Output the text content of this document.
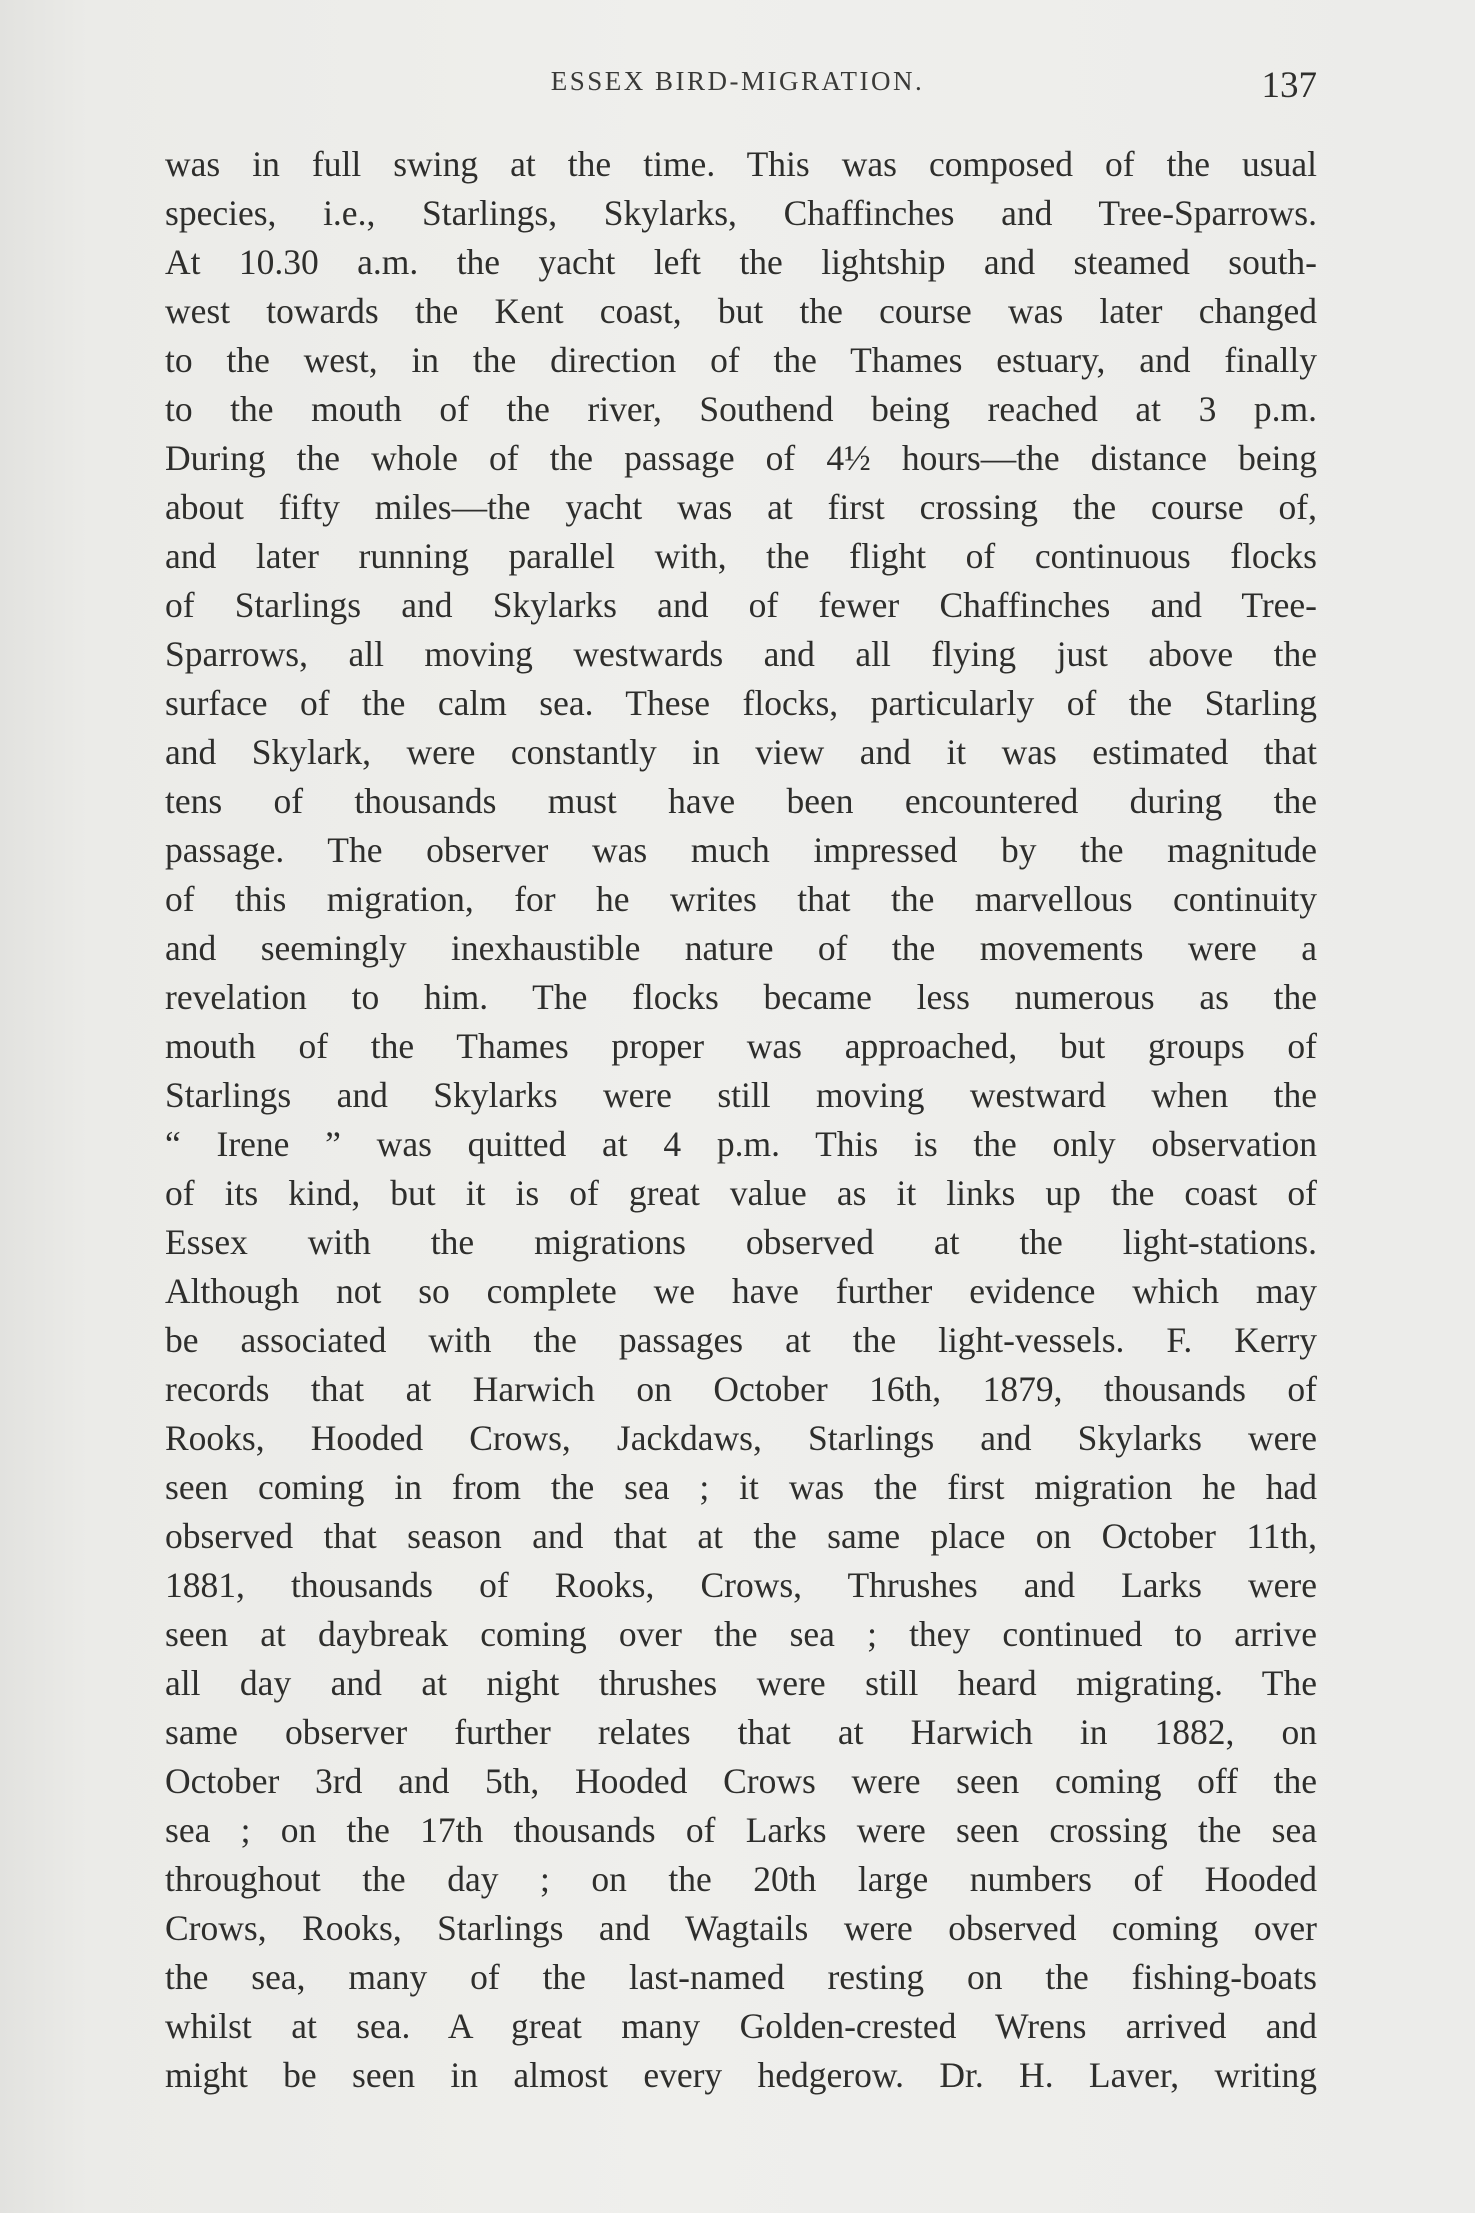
ESSEX BIRD-MIGRATION.	137
was in full swing at the time. This was composed of the usual
species, i.e., Starlings, Skylarks, Chaffinches and Tree-Sparrows.
At 10.30 a.m. the yacht left the lightship and steamed south-
west towards the Kent coast, but the course was later changed
to the west, in the direction of the Thames estuary, and finally
to the mouth of the river, Southend being reached at 3 p.m.
During the whole of the passage of 4½ hours—the distance being
about fifty miles—the yacht was at first crossing the course of,
and later running parallel with, the flight of continuous flocks
of Starlings and Skylarks and of fewer Chaffinches and Tree-
Sparrows, all moving westwards and all flying just above the
surface of the calm sea. These flocks, particularly of the Starling
and Skylark, were constantly in view and it was estimated that
tens of thousands must have been encountered during the
passage. The observer was much impressed by the magnitude
of this migration, for he writes that the marvellous continuity
and seemingly inexhaustible nature of the movements were a
revelation to him. The flocks became less numerous as the
mouth of the Thames proper was approached, but groups of
Starlings and Skylarks were still moving westward when the
“ Irene ” was quitted at 4 p.m. This is the only observation
of its kind, but it is of great value as it links up the coast of
Essex with the migrations observed at the light-stations.
Although not so complete we have further evidence which may
be associated with the passages at the light-vessels. F. Kerry
records that at Harwich on October 16th, 1879, thousands of
Rooks, Hooded Crows, Jackdaws, Starlings and Skylarks were
seen coming in from the sea ; it was the first migration he had
observed that season and that at the same place on October 11th,
1881, thousands of Rooks, Crows, Thrushes and Larks were
seen at daybreak coming over the sea ; they continued to arrive
all day and at night thrushes were still heard migrating. The
same observer further relates that at Harwich in 1882, on
October 3rd and 5th, Hooded Crows were seen coming off the
sea ; on the 17th thousands of Larks were seen crossing the sea
throughout the day ; on the 20th large numbers of Hooded
Crows, Rooks, Starlings and Wagtails were observed coming over
the sea, many of the last-named resting on the fishing-boats
whilst at sea. A great many Golden-crested Wrens arrived and
might be seen in almost every hedgerow. Dr. H. Laver, writing
